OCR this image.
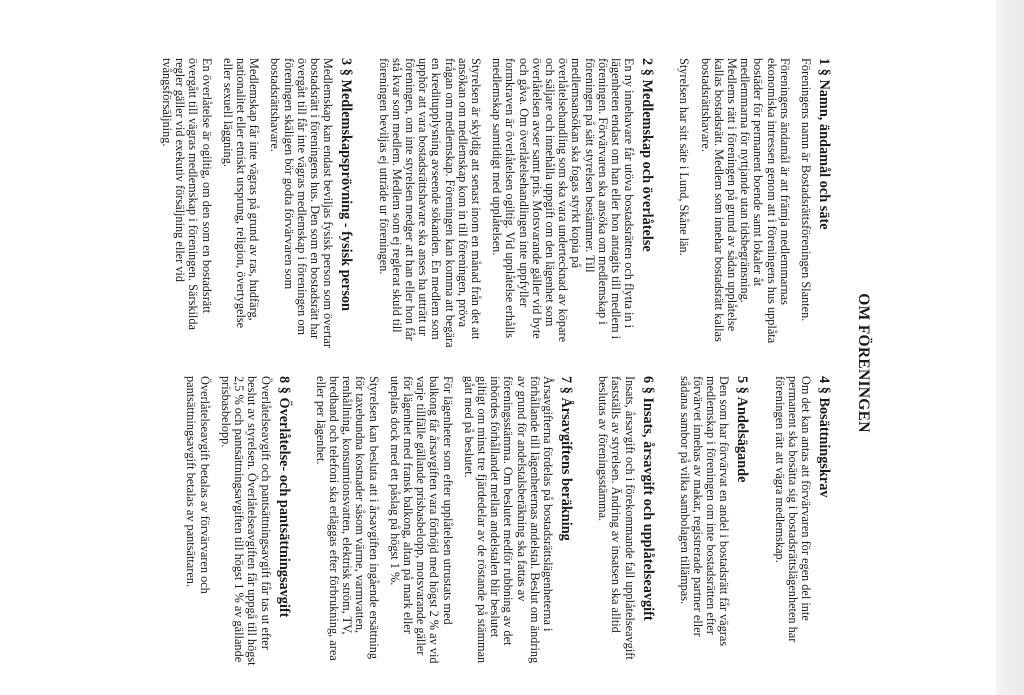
OM FÖRENINGEN
1 § Namn, ändamål och säte

Föreningens namn är Bostadsrättsföreningen Slanten.

Föreningens ändamål är att främja medlemmarnas ekonomiska intressen genom att i föreningens hus upplåta bostäder för permanent boende samt lokaler åt medlemmarna för nyttjande utan tidsbegränsning. Medlems rätt i föreningen på grund av sådan upplåtelse kallas bostadsrätt. Medlem som innehar bostadsrätt kallas bostadsrättshavare.

Styrelsen har sitt säte i Lund, Skåne län.

2 § Medlemskap och överlåtelse

En ny innehavare får utöva bostadsrätten och flytta in i lägenheten endast om han eller hon antagits till medlem i föreningen. Förvärvaren ska ansöka om medlemskap i föreningen på sätt styrelsen bestämmer. Till medlemsansökan ska fogas styrkt kopia på överlåtelsehandling som ska vara undertecknad av köpare och säljare och innehålla uppgift om den lägenhet som överlåtelsen avser samt pris. Motsvarande gäller vid byte och gåva. Om överlåtelsehandlingen inte uppfyller formkraven är överlåtelsen ogiltig. Vid upplåtelse erhålls medlemskap samtidigt med upplåtelsen.

Styrelsen är skyldig att senast inom en månad från det att ansökan om medlemskap kom in till föreningen, pröva frågan om medlemskap. Föreningen kan komma att begära en kreditupplysning avseende sökanden. En medlem som upphör att vara bostadsrättshavare ska anses ha utträtt ur föreningen, om inte styrelsen medger att han eller hon får stå kvar som medlem. Medlem som ej reglerat skuld till föreningen beviljas ej utträde ur föreningen.

3 § Medlemskapsprövning - fysisk person

Medlemskap kan endast beviljas fysisk person som övertar bostadsrätt i föreningens hus. Den som en bostadsrätt har övergått till får inte vägras medlemskap i föreningen om föreningen skäligen bör godta förvärvaren som bostadsrättshavare.

Medlemskap får inte vägras på grund av ras, hudfärg, nationalitet eller etniskt ursprung, religion, övertygelse eller sexuell läggning.

En överlåtelse är ogiltig, om den som en bostadsrätt övergått till vägras medlemskap i föreningen. Särskilda regler gäller vid exekutiv försäljning eller vid tvångsförsäljning.

4 § Bosättningskrav

Om det kan antas att förvärvaren för egen del inte permanent ska bosätta sig i bostadsrättslägenheten har föreningen rätt att vägra medlemskap.

5 § Andelsägande

Den som har förvärvat en andel i bostadsrätt får vägras medlemskap i föreningen om inte bostadsrätten efter förvärvet innehas av makar, registrerade partner eller sådana sambor på vilka sambolagen tillämpas.

6 § Insats, årsavgift och upplåtelseavgift

Insats, årsavgift och i förekommande fall upplåtelseavgift fastställs av styrelsen. Ändring av insatsen ska alltid beslutas av föreningsstämma.

7 § Årsavgiftens beräkning

Årsavgifterna fördelas på bostadsrättslägenheterna i förhållande till lägenheternas andelstal. Beslut om ändring av grund för andelstalsberäkning ska fattas av föreningsstämma. Om beslutet medför rubbning av det inbördes förhållandet mellan andelstalen blir beslutet giltigt om minst tre fjärdedelar av de röstande på stämman gått med på beslutet.

För lägenheter som efter upplåtelsen utrustats med balkong får årsavgiften vara förhöjd med högst 2 % av vid varje tillfälle gällande prisbasbelopp, motsvarande gäller för lägenhet med fransk balkong, altan på mark eller uteplats dock med ett påslag på högst 1 %.

Styrelsen kan besluta att i årsavgiften ingående ersättning för taxebundna kostnader såsom värme, varmvatten, renhållning, konsumtionsvatten, elektrisk ström, TV, bredband och telefoni ska erläggas efter förbrukning, area eller per lägenhet.

8 § Överlåtelse- och pantsättningsavgift

Överlåtelseavgift och pantsättningsavgift får tas ut efter beslut av styrelsen. Överlåtelseavgiften får uppgå till högst 2,5 % och pantsättningsavgiften till högst 1 % av gällande prisbasbelopp.

Överlåtelseavgift betalas av förvärvaren och pantsättningsavgift betalas av pantsättaren.
